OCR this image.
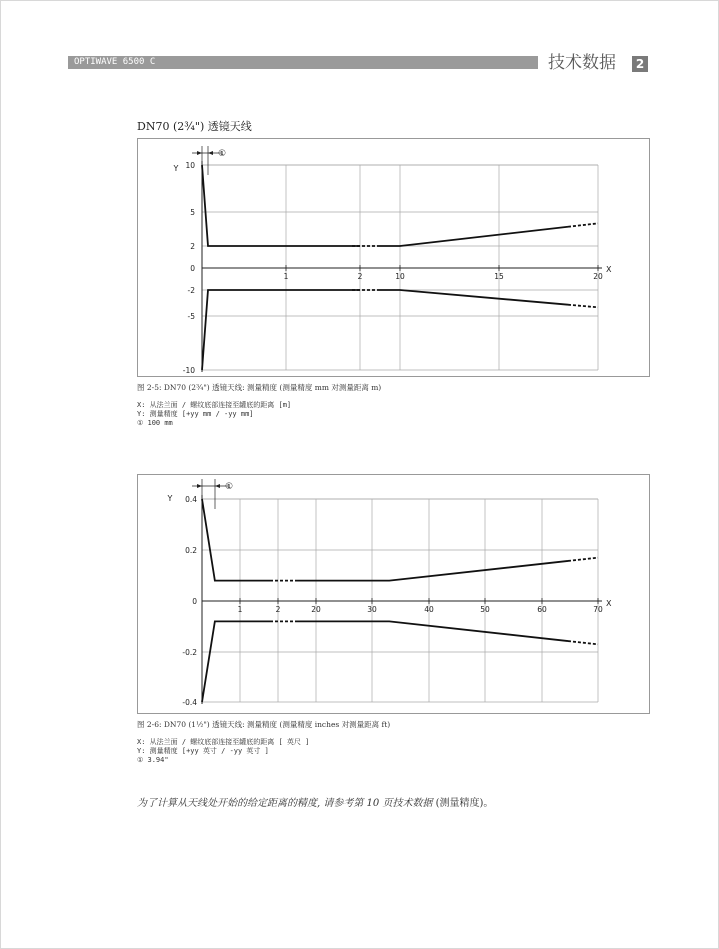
OPTIWAVE 6500 C	技术数据	2
DN70 (2¾") 透镜天线
10
5
2
0
-2
-5
-10
1	2	10	15	20
Y
X
①
图 2-5: DN70 (2¾") 透镜天线: 测量精度 (测量精度 mm 对测量距离 m)
X: 从法兰面 / 螺纹底部连接至罐底的距离 [m]
Y: 测量精度 [+yy mm / -yy mm]
① 100 mm
0.4
0.2
0
-0.2
-0.4
1	2	20	30	40	50	60	70
Y
X
①
图 2-6: DN70 (1½") 透镜天线: 测量精度 (测量精度 inches 对测量距离 ft)
X: 从法兰面 / 螺纹底部连接至罐底的距离 [ 英尺 ]
Y: 测量精度 [+yy 英寸 / -yy 英寸 ]
① 3.94"
为了计算从天线处开始的给定距离的精度, 请参考第 10 页技术数据 (测量精度)。
